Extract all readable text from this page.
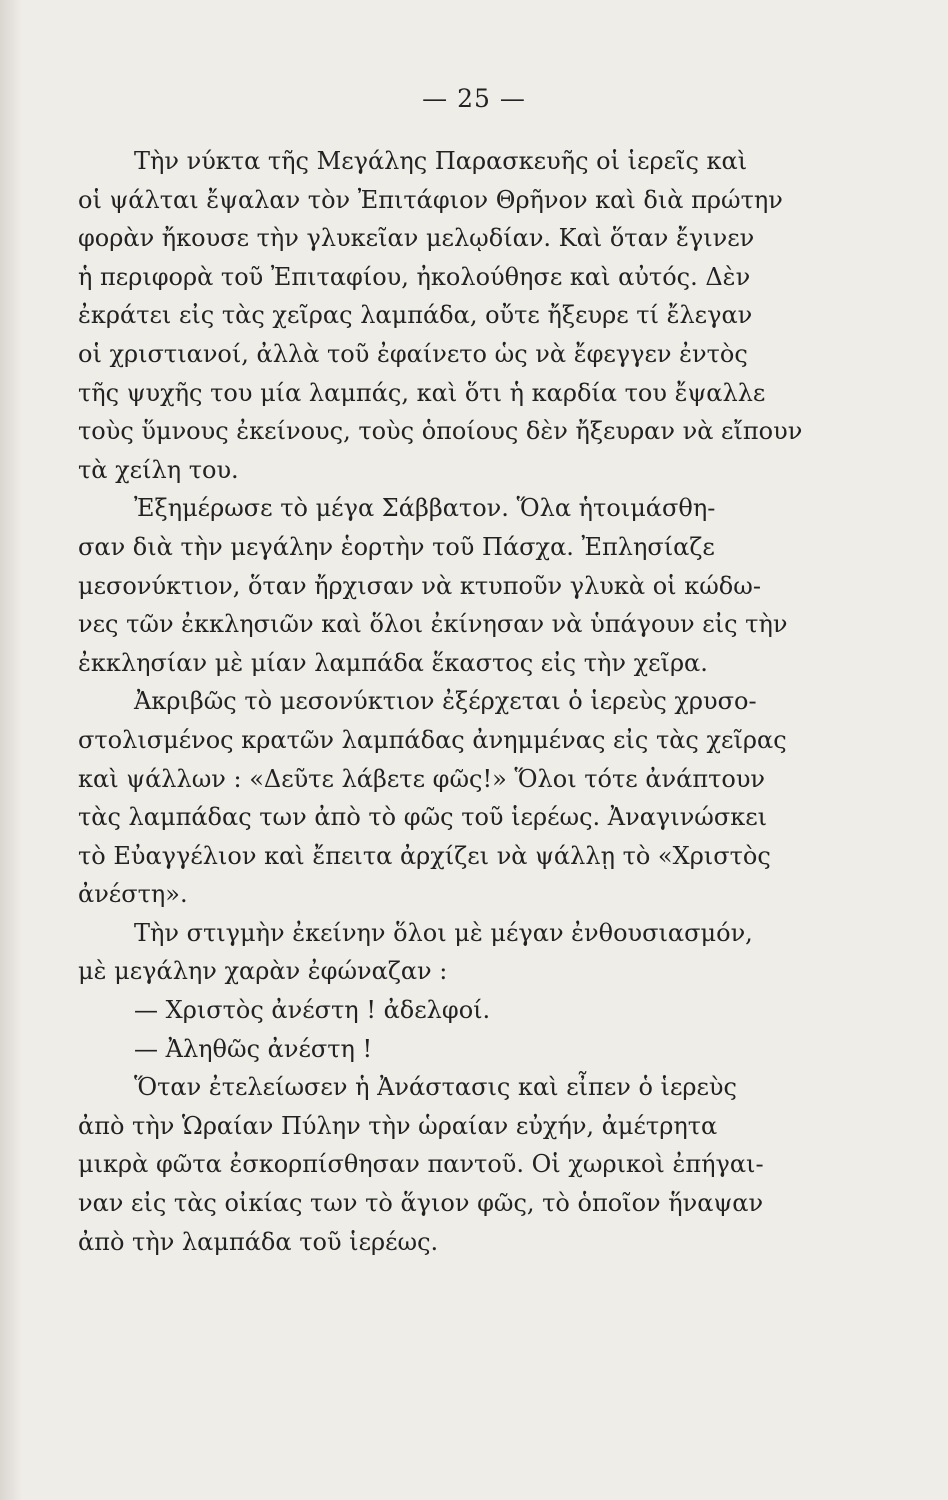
— 25 —
Τὴν νύκτα τῆς Μεγάλης Παρασκευῆς οἱ ἱερεῖς καὶ
οἱ ψάλται ἔψαλαν τὸν Ἐπιτάφιον Θρῆνον καὶ διὰ πρώτην
φορὰν ἤκουσε τὴν γλυκεῖαν μελῳδίαν. Καὶ ὅταν ἔγινεν
ἡ περιφορὰ τοῦ Ἐπιταφίου, ἠκολούθησε καὶ αὐτός. Δὲν
ἐκράτει εἰς τὰς χεῖρας λαμπάδα, οὔτε ἤξευρε τί ἔλεγαν
οἱ χριστιανοί, ἀλλὰ τοῦ ἐφαίνετο ὡς νὰ ἔφεγγεν ἐντὸς
τῆς ψυχῆς του μία λαμπάς, καὶ ὅτι ἡ καρδία του ἔψαλλε
τοὺς ὕμνους ἐκείνους, τοὺς ὁποίους δὲν ἤξευραν νὰ εἴπουν
τὰ χείλη του.
Ἐξημέρωσε τὸ μέγα Σάββατον. Ὅλα ἡτοιμάσθη-
σαν διὰ τὴν μεγάλην ἑορτὴν τοῦ Πάσχα. Ἐπλησίαζε
μεσονύκτιον, ὅταν ἤρχισαν νὰ κτυποῦν γλυκὰ οἱ κώδω-
νες τῶν ἐκκλησιῶν καὶ ὅλοι ἐκίνησαν νὰ ὑπάγουν εἰς τὴν
ἐκκλησίαν μὲ μίαν λαμπάδα ἕκαστος εἰς τὴν χεῖρα.
Ἀκριβῶς τὸ μεσονύκτιον ἐξέρχεται ὁ ἱερεὺς χρυσο-
στολισμένος κρατῶν λαμπάδας ἀνημμένας εἰς τὰς χεῖρας
καὶ ψάλλων : «Δεῦτε λάβετε φῶς!» Ὅλοι τότε ἀνάπτουν
τὰς λαμπάδας των ἀπὸ τὸ φῶς τοῦ ἱερέως. Ἀναγινώσκει
τὸ Εὐαγγέλιον καὶ ἔπειτα ἀρχίζει νὰ ψάλλῃ τὸ «Χριστὸς
ἀνέστη».
Τὴν στιγμὴν ἐκείνην ὅλοι μὲ μέγαν ἐνθουσιασμόν,
μὲ μεγάλην χαρὰν ἐφώναζαν :
— Χριστὸς ἀνέστη ! ἀδελφοί.
— Ἀληθῶς ἀνέστη !
Ὅταν ἐτελείωσεν ἡ Ἀνάστασις καὶ εἶπεν ὁ ἱερεὺς
ἀπὸ τὴν Ὡραίαν Πύλην τὴν ὡραίαν εὐχήν, ἀμέτρητα
μικρὰ φῶτα ἐσκορπίσθησαν παντοῦ. Οἱ χωρικοὶ ἐπήγαι-
ναν εἰς τὰς οἰκίας των τὸ ἅγιον φῶς, τὸ ὁποῖον ἥναψαν
ἀπὸ τὴν λαμπάδα τοῦ ἱερέως.
